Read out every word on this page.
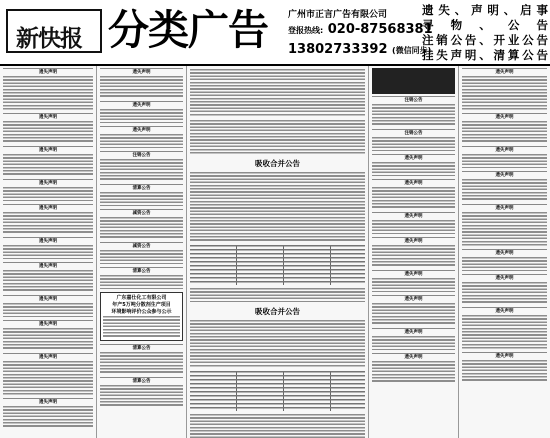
新快报 分类广告 广州市正言广告有限公司
登报热线: 020-87568381
13802733392 (微信同步)
遗失、声明、启事
寻物、公告
注销公告、开业公告
挂失声明、清算公告
遗失声明
遗失声明
遗失声明
遗失声明
遗失声明
遗失声明
遗失声明
遗失声明
遗失声明
遗失声明
遗失声明
遗失声明
遗失声明
遗失声明
注销公告
清算公告
减资公告
减资公告
清算公告
广东嘉仕化工有限公司
年产5万吨分散剂生产项目
环境影响评价公众参与公示
清算公告
清算公告
吸收合并公告
吸收合并公告
注销公告
注销公告
遗失声明
遗失声明
遗失声明
遗失声明
遗失声明
遗失声明
遗失声明
遗失声明
遗失声明
遗失声明
遗失声明
遗失声明
遗失声明
遗失声明
遗失声明
遗失声明
遗失声明
